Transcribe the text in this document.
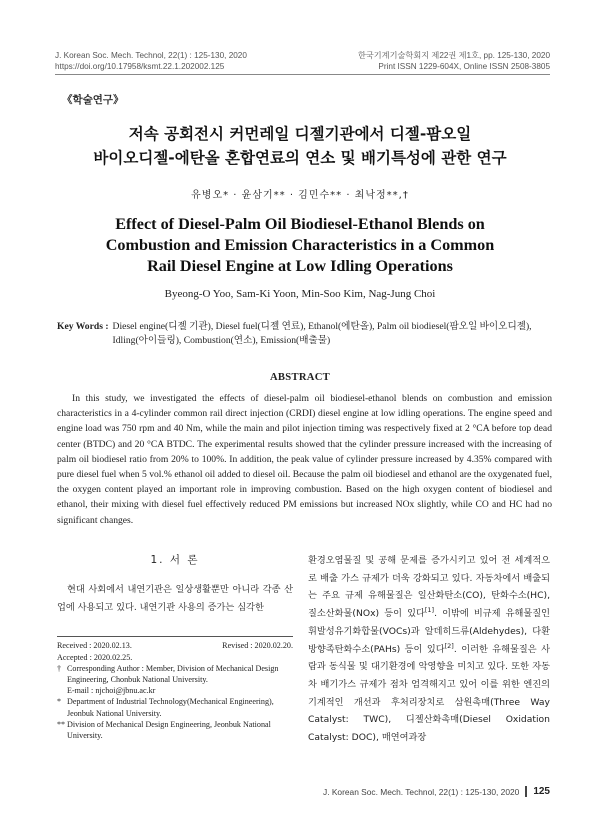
J. Korean Soc. Mech. Technol, 22(1) : 125-130, 2020	한국기계기술학회지 제22권 제1호, pp. 125-130, 2020
https://doi.org/10.17958/ksmt.22.1.202002.125	Print ISSN 1229-604X, Online ISSN 2508-3805
《학술연구》
저속 공회전시 커먼레일 디젤기관에서 디젤-팜오일
바이오디젤-에탄올 혼합연료의 연소 및 배기특성에 관한 연구
유병오* · 윤삼기** · 김민수** · 최낙정**,†
Effect of Diesel-Palm Oil Biodiesel-Ethanol Blends on
Combustion and Emission Characteristics in a Common
Rail Diesel Engine at Low Idling Operations
Byeong-O Yoo, Sam-Ki Yoon, Min-Soo Kim, Nag-Jung Choi
Key Words : Diesel engine(디젤 기관), Diesel fuel(디젤 연료), Ethanol(에탄올), Palm oil biodiesel(팜오일 바이오디젤), Idling(아이들링), Combustion(연소), Emission(배출물)
ABSTRACT

In this study, we investigated the effects of diesel-palm oil biodiesel-ethanol blends on combustion and emission characteristics in a 4-cylinder common rail direct injection (CRDI) diesel engine at low idling operations. The engine speed and engine load was 750 rpm and 40 Nm, while the main and pilot injection timing was respectively fixed at 2 °CA before top dead center (BTDC) and 20 °CA BTDC. The experimental results showed that the cylinder pressure increased with the increasing of palm oil biodiesel ratio from 20% to 100%. In addition, the peak value of cylinder pressure increased by 4.35% compared with pure diesel fuel when 5 vol.% ethanol oil added to diesel oil. Because the palm oil biodiesel and ethanol are the oxygenated fuel, the oxygen content played an important role in improving combustion. Based on the high oxygen content of biodiesel and ethanol, their mixing with diesel fuel effectively reduced PM emissions but increased NOx slightly, while CO and HC had no significant changes.

1. 서 론

현대 사회에서 내연기관은 일상생활뿐만 아니라 각종 산업에 사용되고 있다. 내연기관 사용의 증가는 심각한

Received : 2020.02.13.	Revised : 2020.02.20.
Accepted : 2020.02.25.
† Corresponding Author : Member, Division of Mechanical Design Engineering, Chonbuk National University.
E-mail : njchoi@jbnu.ac.kr
* Department of Industrial Technology(Mechanical Engineering), Jeonbuk National University.
** Division of Mechanical Design Engineering, Jeonbuk National University.

환경오염물질 및 공해 문제를 증가시키고 있어 전 세계적으로 배출 가스 규제가 더욱 강화되고 있다. 자동차에서 배출되는 주요 규제 유해물질은 일산화탄소(CO), 탄화수소(HC), 질소산화물(NOx) 등이 있다[1]. 이밖에 비규제 유해물질인 휘발성유기화합물(VOCs)과 알데히드류(Aldehydes), 다환방향족탄화수소(PAHs) 등이 있다[2]. 이러한 유해물질은 사람과 동식물 및 대기환경에 악영향을 미치고 있다. 또한 자동차 배기가스 규제가 점차 엄격해지고 있어 이를 위한 엔진의 기계적인 개선과 후처리장치로 삼원촉매(Three Way Catalyst: TWC), 디젤산화촉매(Diesel Oxidation Catalyst: DOC), 매연여과장

J. Korean Soc. Mech. Technol, 22(1) : 125-130, 2020 125
